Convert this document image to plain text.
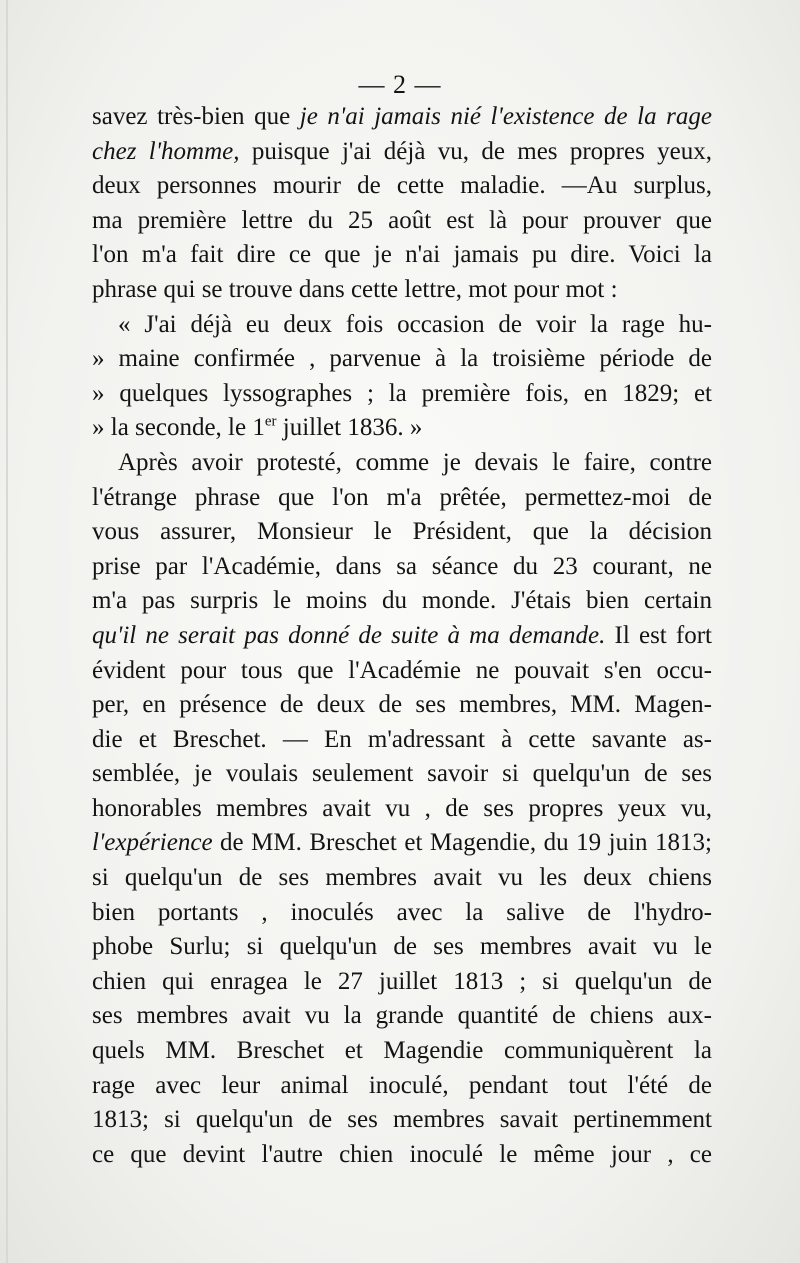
— 2 —
savez très-bien que je n'ai jamais nié l'existence de la rage
chez l'homme, puisque j'ai déjà vu, de mes propres yeux,
deux personnes mourir de cette maladie. —Au surplus,
ma première lettre du 25 août est là pour prouver que
l'on m'a fait dire ce que je n'ai jamais pu dire. Voici la
phrase qui se trouve dans cette lettre, mot pour mot :
« J'ai déjà eu deux fois occasion de voir la rage hu-
» maine confirmée , parvenue à la troisième période de
» quelques lyssographes ; la première fois, en 1829; et
» la seconde, le 1er juillet 1836. »
Après avoir protesté, comme je devais le faire, contre
l'étrange phrase que l'on m'a prêtée, permettez-moi de
vous assurer, Monsieur le Président, que la décision
prise par l'Académie, dans sa séance du 23 courant, ne
m'a pas surpris le moins du monde. J'étais bien certain
qu'il ne serait pas donné de suite à ma demande. Il est fort
évident pour tous que l'Académie ne pouvait s'en occu-
per, en présence de deux de ses membres, MM. Magen-
die et Breschet. — En m'adressant à cette savante as-
semblée, je voulais seulement savoir si quelqu'un de ses
honorables membres avait vu , de ses propres yeux vu,
l'expérience de MM. Breschet et Magendie, du 19 juin 1813;
si quelqu'un de ses membres avait vu les deux chiens
bien portants , inoculés avec la salive de l'hydro-
phobe Surlu; si quelqu'un de ses membres avait vu le
chien qui enragea le 27 juillet 1813 ; si quelqu'un de
ses membres avait vu la grande quantité de chiens aux-
quels MM. Breschet et Magendie communiquèrent la
rage avec leur animal inoculé, pendant tout l'été de
1813; si quelqu'un de ses membres savait pertinemment
ce que devint l'autre chien inoculé le même jour , ce
